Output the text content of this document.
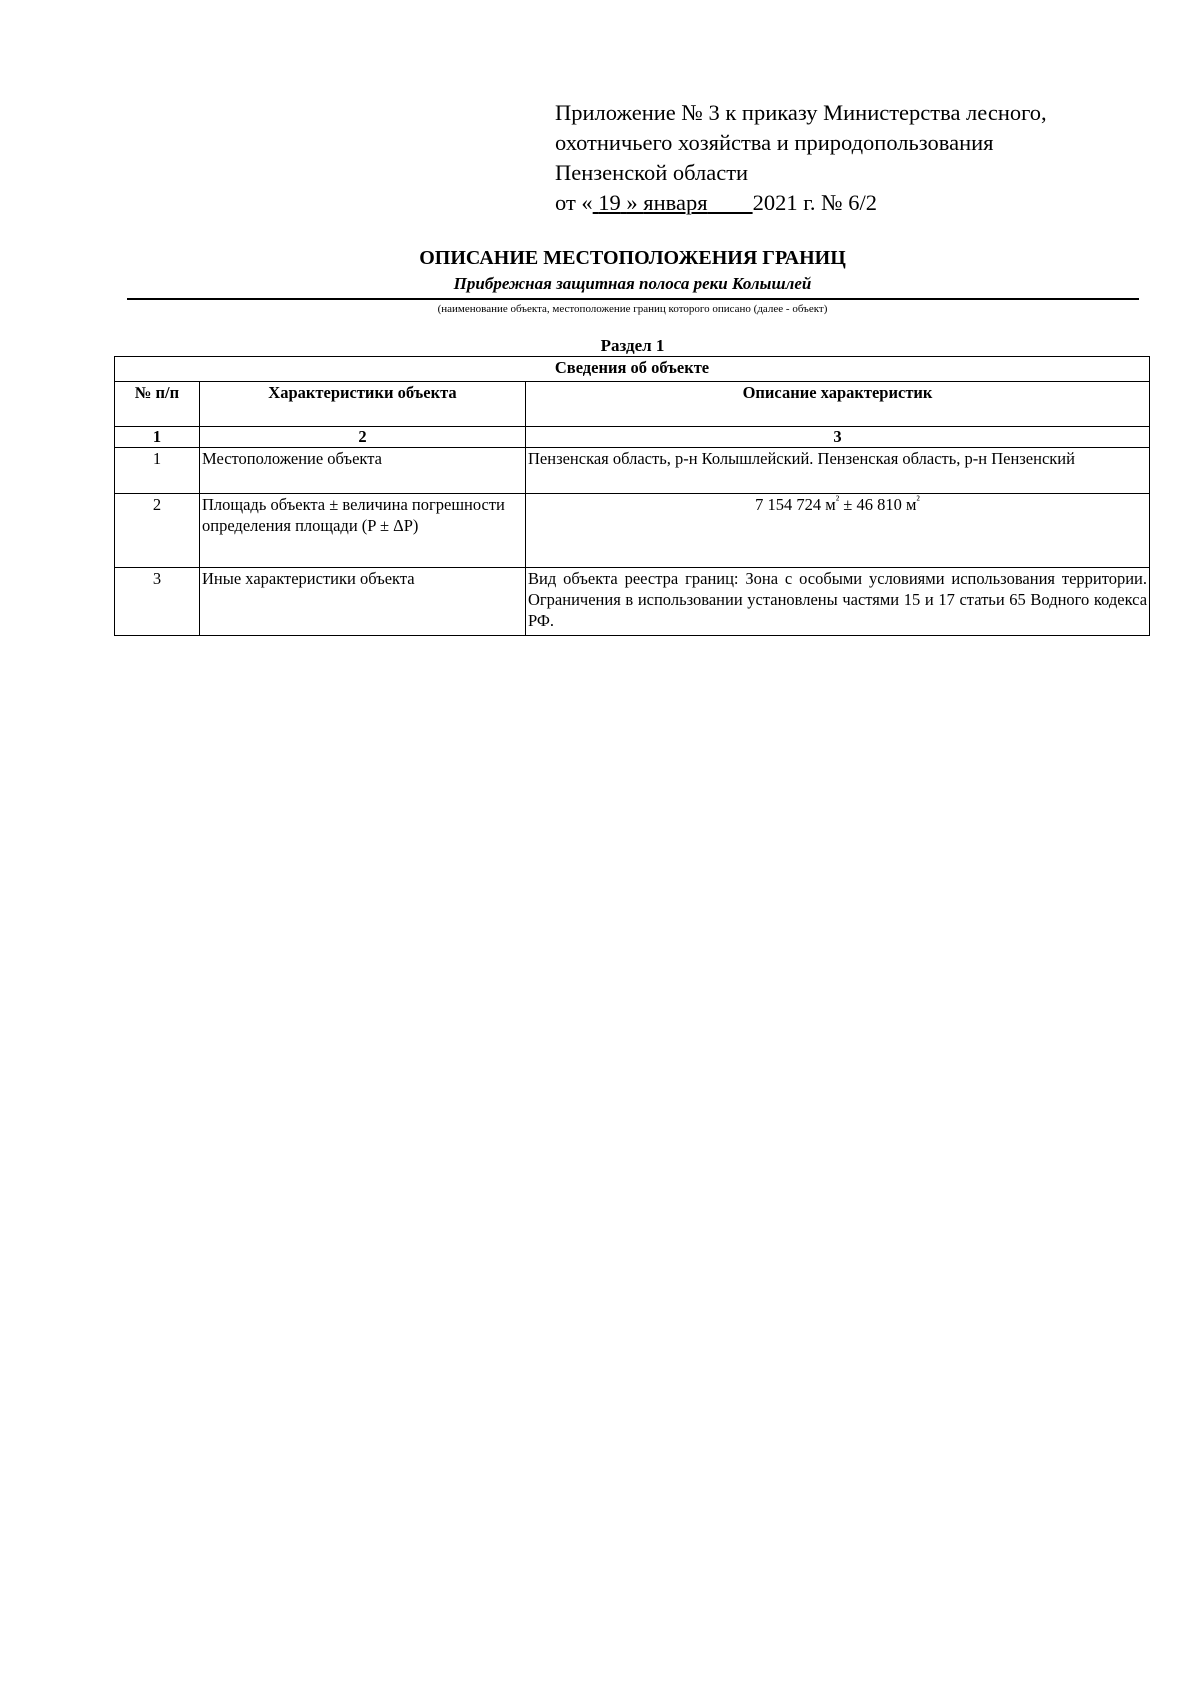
Приложение № 3 к приказу Министерства лесного,
охотничьего хозяйства и природопользования
Пензенской области
от « 19 » января 2021 г. № 6/2
ОПИСАНИЕ МЕСТОПОЛОЖЕНИЯ ГРАНИЦ
Прибрежная защитная полоса реки Колышлей
(наименование объекта, местоположение границ которого описано (далее - объект)
Раздел 1
Сведения об объекте		
№ п/п	Характеристики объекта	Описание характеристик
1	2	3
1	Местоположение объекта	Пензенская область, р-н Колышлейский. Пензенская область, р-н Пензенский
2	Площадь объекта ± величина погрешности определения площади (P ± ΔP)	7 154 724 $м^{^2} \pm 46$ 810 $м^{^2}$
3	Иные характеристики объекта	Вид объекта реестра границ: Зона с особыми условиями использования территории. Ограничения в использовании установлены частями 15 и 17 статьи 65 Водного кодекса РФ.
